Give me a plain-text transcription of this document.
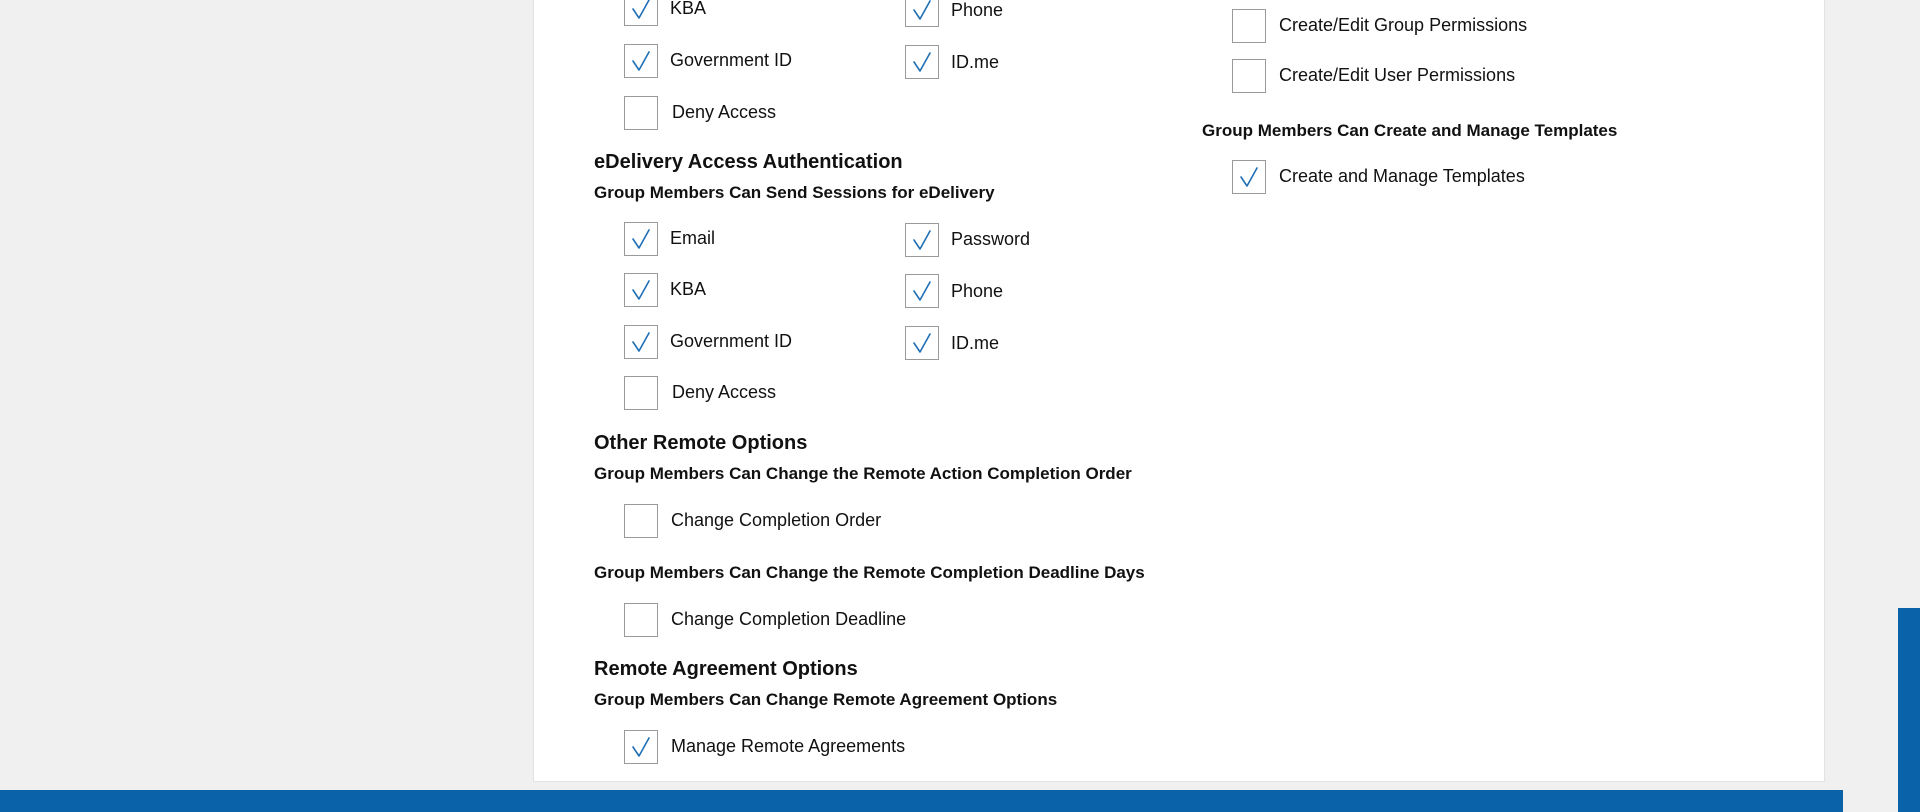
KBA	Phone
Government ID	ID.me
Deny Access
eDelivery Access Authentication
Group Members Can Send Sessions for eDelivery
Email	Password
KBA	Phone
Government ID	ID.me
Deny Access
Other Remote Options
Group Members Can Change the Remote Action Completion Order
Change Completion Order
Group Members Can Change the Remote Completion Deadline Days
Change Completion Deadline
Remote Agreement Options
Group Members Can Change Remote Agreement Options
Manage Remote Agreements
Create/Edit Group Permissions
Create/Edit User Permissions
Group Members Can Create and Manage Templates
Create and Manage Templates
